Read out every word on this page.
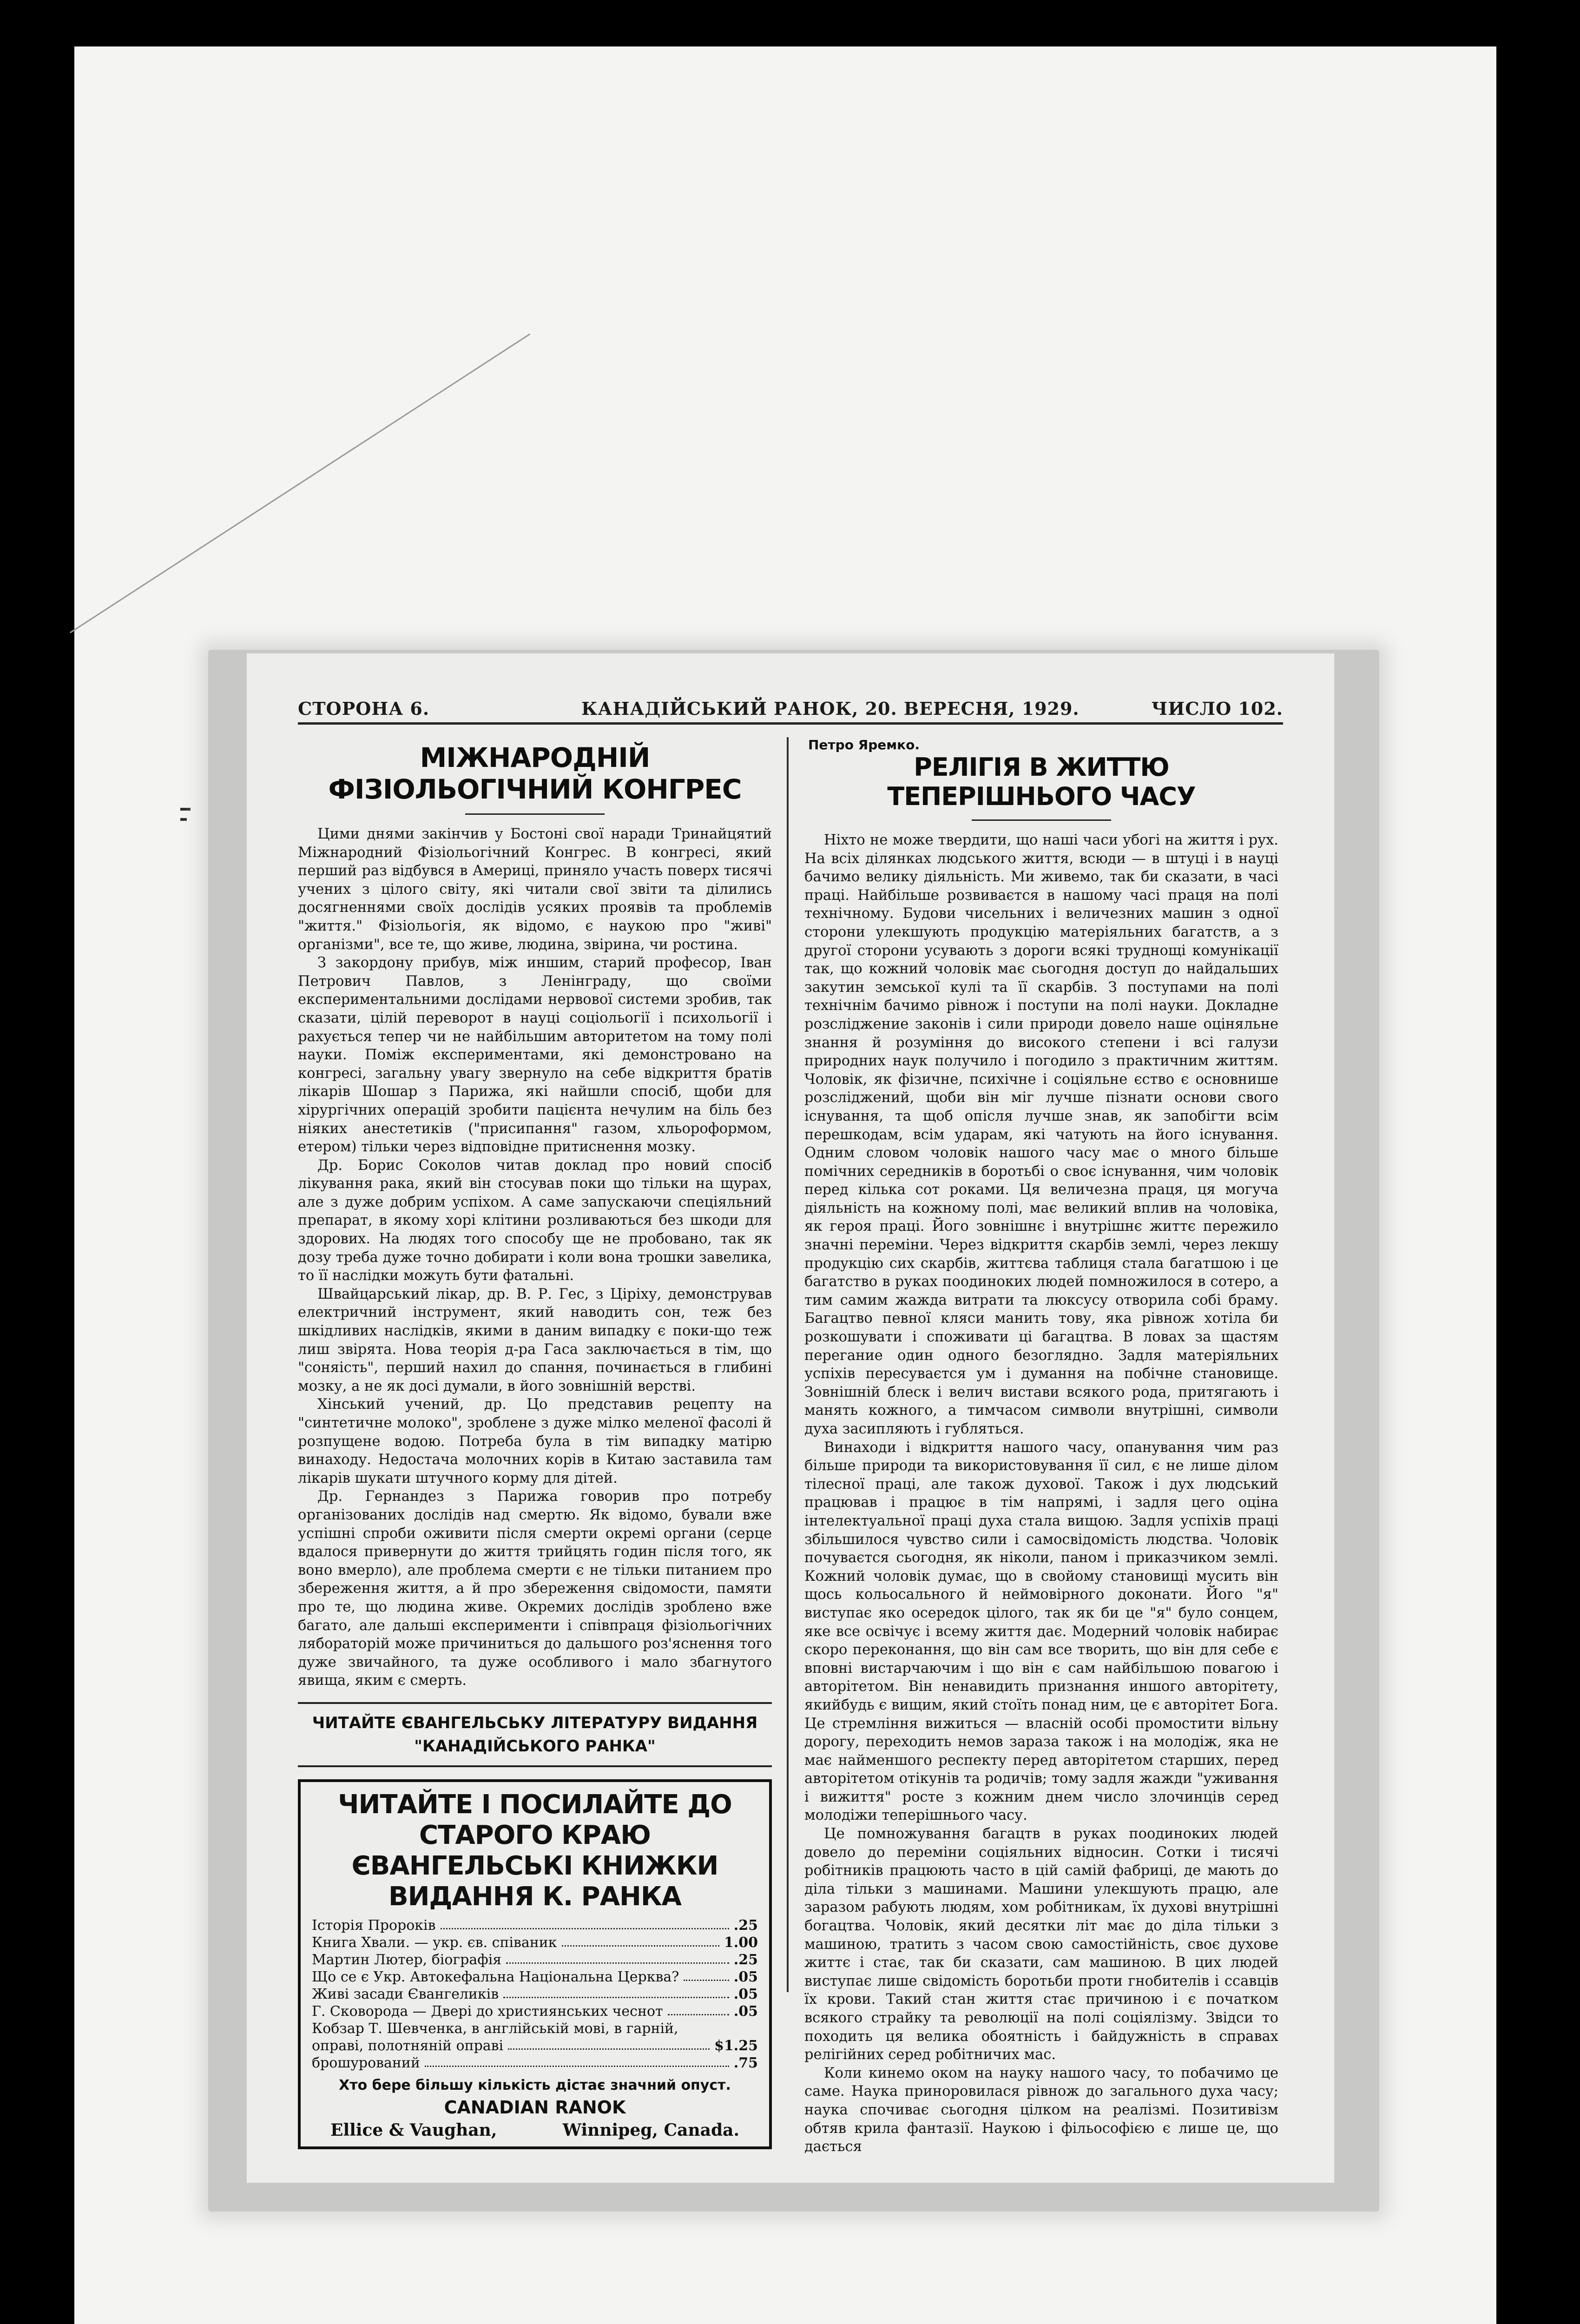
СТОРОНА 6.	КАНАДІЙСЬКИЙ РАНОК, 20. ВЕРЕСНЯ, 1929.	ЧИСЛО 102.
МІЖНАРОДНІЙ ФІЗІОЛЬОГІЧНИЙ КОНГРЕС

Цими днями закінчив у Бостоні свої наради Тринайцятий Міжнародний Фізіольогічний Конгрес. В конгресі, який перший раз відбувся в Америці, приняло участь поверх тисячі учених з цілого світу, які читали свої звіти та ділились досягненнями своїх дослідів усяких проявів та проблемів "життя." Фізіольогія, як відомо, є наукою про "живі" організми", все те, що живе, людина, звірина, чи ростина.

З закордону прибув, між иншим, старий професор, Іван Петрович Павлов, з Ленінграду, що своїми експериментальними дослідами нервової системи зробив, так сказати, цілій переворот в науці соціольогії і психольогії і рахується тепер чи не найбільшим авторитетом на тому полі науки. Поміж експериментами, які демонстровано на конгресі, загальну увагу звернуло на себе відкриття братів лікарів Шошар з Парижа, які найшли спосіб, щоби для хірургічних операцій зробити пацієнта нечулим на біль без ніяких анестетиків ("присипання" газом, хльороформом, етером) тільки через відповідне притиснення мозку.

Др. Борис Соколов читав доклад про новий спосіб лікування рака, який він стосував поки що тільки на щурах, але з дуже добрим успіхом. А саме запускаючи спеціяльний препарат, в якому хорі клітини розливаються без шкоди для здорових. На людях того способу ще не пробовано, так як дозу треба дуже точно добирати і коли вона трошки завелика, то її наслідки можуть бути фатальні.

Швайцарський лікар, др. В. Р. Гес, з Ціріху, демонстрував електричний інструмент, який наводить сон, теж без шкідливих наслідків, якими в даним випадку є поки-що теж лиш звірята. Нова теорія д-ра Гаса заключається в тім, що "соняість", перший нахил до спання, починається в глибині мозку, а не як досі думали, в його зовнішній верстві.

Хінський учений, др. Цо представив рецепту на "синтетичне молоко", зроблене з дуже мілко меленої фасолі й розпущене водою. Потреба була в тім випадку матірю винаходу. Недостача молочних корів в Китаю заставила там лікарів шукати штучного корму для дітей.

Др. Гернандез з Парижа говорив про потребу організованих дослідів над смертю. Як відомо, бували вже успішні спроби оживити після смерти окремі органи (серце вдалося привернути до життя трийцять годин після того, як воно вмерло), але проблема смерти є не тільки питанием про збереження життя, а й про збереження свідомости, памяти про те, що людина живе. Окремих дослідів зроблено вже багато, але дальші експерименти і співпраця фізіольогічних лябораторій може причиниться до дальшого роз'яснення того дуже звичайного, та дуже особливого і мало збагнутого явища, яким є смерть.

ЧИТАЙТЕ ЄВАНГЕЛЬСЬКУ ЛІТЕРАТУРУ ВИДАННЯ
"КАНАДІЙСЬКОГО РАНКА"

ЧИТАЙТЕ І ПОСИЛАЙТЕ ДО СТАРОГО КРАЮ
ЄВАНГЕЛЬСЬКІ КНИЖКИ ВИДАННЯ К. РАНКА

Історія Пророків	.25
Книга Хвали. — укр. єв. співаник	1.00
Мартин Лютер, біографія	.25
Що се є Укр. Автокефальна Національна Церква?	.05
Живі засади Євангеликів	.05
Г. Сковорода — Двері до християнських чеснот	.05
Кобзар Т. Шевченка, в англійській мові, в гарній,
оправі, полотняній оправі	$1.25
брошурований	.75

Хто бере більшу кількість дістає значний опуст.

CANADIAN RANOK

Ellice & Vaughan,	Winnipeg, Canada.

Петро Яремко.

РЕЛІГІЯ В ЖИТТЮ ТЕПЕРІШНЬОГО ЧАСУ

Ніхто не може твердити, що наші часи убогі на життя і рух. На всіх ділянках людського життя, всюди — в штуці і в науці бачимо велику діяльність. Ми живемо, так би сказати, в часі праці. Найбільше розвиваєтся в нашому часі праця на полі технічному. Будови чисельних і величезних машин з одної сторони улекшують продукцію матеріяльних багатств, а з другої сторони усувають з дороги всякі труднощі комунікації так, що кожний чоловік має сьогодня доступ до найдальших закутин земської кулі та її скарбів. З поступами на полі технічнім бачимо рівнож і поступи на полі науки. Докладне розсліджение законів і сили природи довело наше оціняльне знання й розуміння до високого степени і всі галузи природних наук получило і погодило з практичним життям. Чоловік, як фізичне, психічне і соціяльне єство є основнише розсліджений, щоби він міг лучше пізнати основи свого існування, та щоб опісля лучше знав, як запобігти всім перешкодам, всім ударам, які чатують на його існування. Одним словом чоловік нашого часу має о много більше помічних середників в боротьбі о своє існування, чим чоловік перед кілька сот роками. Ця величезна праця, ця могуча діяльність на кожному полі, має великий вплив на чоловіка, як героя праці. Його зовнішнє і внутрішнє життє пережило значні переміни. Через відкриття скарбів землі, через лекшу продукцію сих скарбів, життєва таблиця стала багатшою і це багатство в руках поодиноких людей помножилося в сотеро, а тим самим жажда витрати та люксусу отворила собі браму. Багацтво певної кляси манить тову, яка рівнож хотіла би розкошувати і споживати ці багацтва. В ловах за щастям перегание один одного безоглядно. Задля матеріяльних успіхів пересуваєтся ум і думання на побічне становище. Зовнішній блеск і велич вистави всякого рода, притягають і манять кожного, а тимчасом символи внутрішні, символи духа засипляють і гублятьcя.

Винаходи і відкриття нашого часу, опанування чим раз більше природи та використовування її сил, є не лише ділом тілесної праці, але також духової. Також і дух людський працював і працює в тім напрямі, і задля цего оціна інтелектуальної праці духа стала вищою. Задля успіхів праці збільшилося чувство сили і самосвідомість людства. Чоловік почуваєтся сьогодня, як ніколи, паном і приказчиком землі. Кожний чоловік думає, що в свойому становищі мусить він щось кольосального й неймовірного доконати. Його "я" виступає яко осередок цілого, так як би це "я" було сонцем, яке все освічує і всему життя дає. Модерний чоловік набирає скоро переконання, що він сам все творить, що він для себе є вповні вистарчаючим і що він є сам найбільшою повагою і авторітетом. Він ненавидить признання иншого авторітету, якийбудь є вищим, який стоїть понад ним, це є авторітет Бога. Це стремління вижиться — власній особі промостити вільну дорогу, переходить немов зараза також і на молодіж, яка не має найменшого респекту перед авторітетом старших, перед авторітетом отікунів та родичів; тому задля жажди "уживання і вижиття" росте з кожним днем число злочинців серед молодіжи теперішнього часу.

Це помножування багацтв в руках поодиноких людей довело до переміни соціяльних відносин. Сотки і тисячі робітників працюють часто в цій самій фабриці, де мають до діла тільки з машинами. Машини улекшують працю, але заразом рабують людям, хом робітникам, їх духові внутрішні богацтва. Чоловік, який десятки літ має до діла тільки з машиною, тратить з часом свою самостійність, своє духове життє і стає, так би сказати, сам машиною. В цих людей виступає лише свідомість боротьби проти гнобителів і ссавців їх крови. Такий стан життя стає причиною і є початком всякого страйку та революції на полі соціялізму. Звідси то походить ця велика обоятність і байдужність в справах релігійних серед робітничих мас.

Коли кинемо оком на науку нашого часу, то побачимо це саме. Наука приноровилася рівнож до загального духа часу; наука спочиває сьогодня цілком на реалізмі. Позитивізм обтяв крила фантазії. Наукою і фільософією є лише це, що дається
